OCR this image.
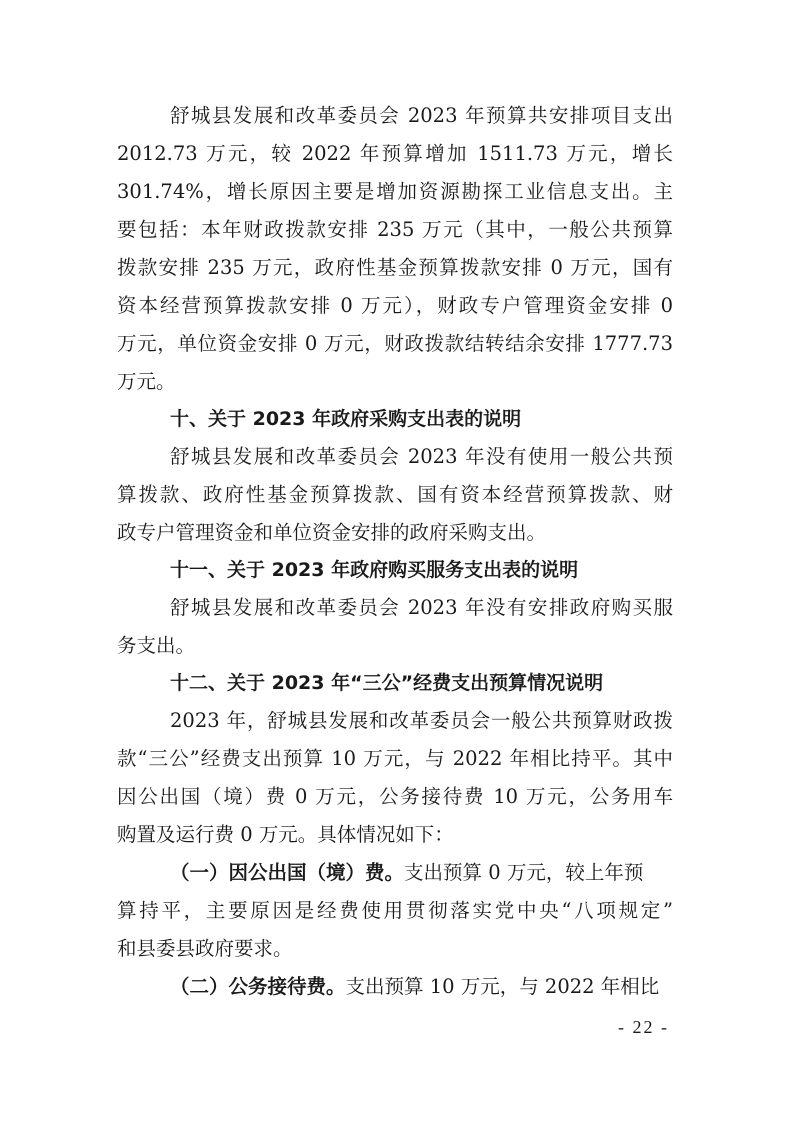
舒城县发展和改革委员会 2023 年预算共安排项目支出
2012.73 万元，较 2022 年预算增加 1511.73 万元，增长
301.74%，增长原因主要是增加资源勘探工业信息支出。主
要包括：本年财政拨款安排 235 万元（其中，一般公共预算
拨款安排 235 万元，政府性基金预算拨款安排 0 万元，国有
资本经营预算拨款安排 0 万元），财政专户管理资金安排 0
万元，单位资金安排 0 万元，财政拨款结转结余安排 1777.73
万元。
十、关于 2023 年政府采购支出表的说明
舒城县发展和改革委员会 2023 年没有使用一般公共预
算拨款、政府性基金预算拨款、国有资本经营预算拨款、财
政专户管理资金和单位资金安排的政府采购支出。
十一、关于 2023 年政府购买服务支出表的说明
舒城县发展和改革委员会 2023 年没有安排政府购买服
务支出。
十二、关于 2023 年“三公”经费支出预算情况说明
2023 年，舒城县发展和改革委员会一般公共预算财政拨
款“三公”经费支出预算 10 万元，与 2022 年相比持平。其中
因公出国（境）费 0 万元，公务接待费 10 万元，公务用车
购置及运行费 0 万元。具体情况如下：
（一）因公出国（境）费。支出预算 0 万元，较上年预
算持平，主要原因是经费使用贯彻落实党中央“八项规定”
和县委县政府要求。
（二）公务接待费。支出预算 10 万元，与 2022 年相比
- 22 -
